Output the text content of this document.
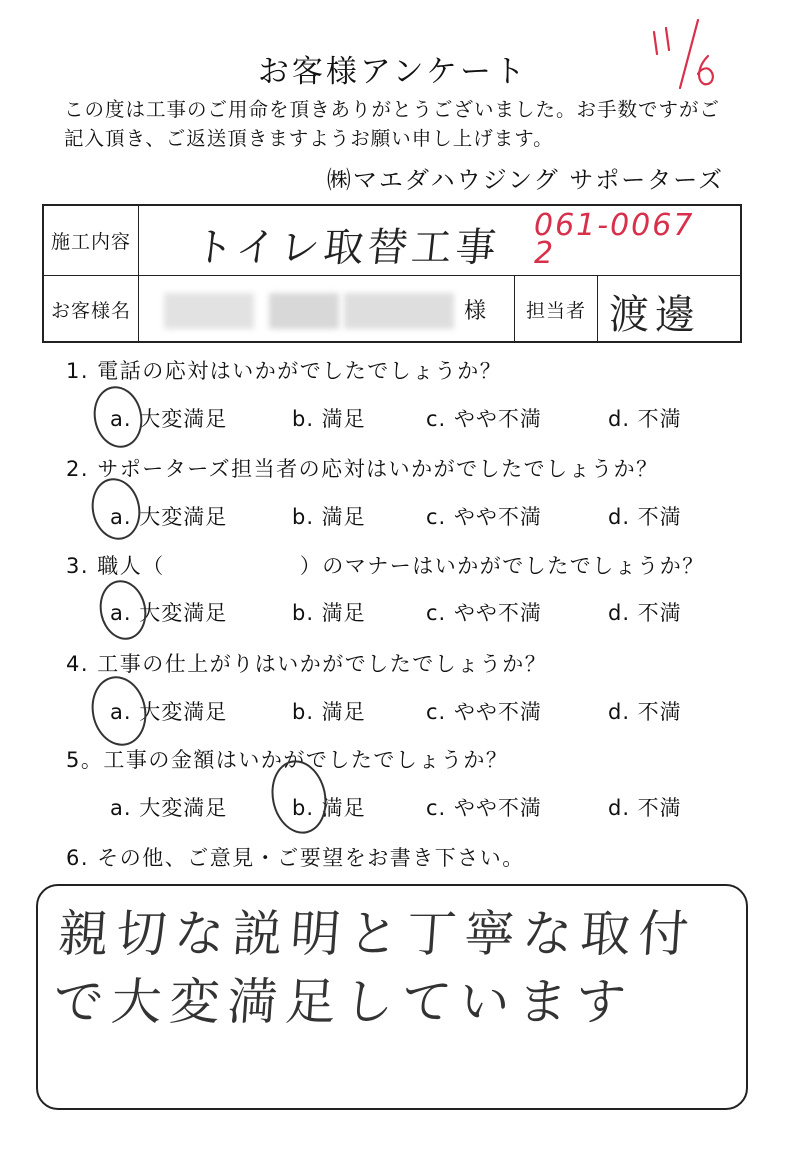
お客様アンケート
この度は工事のご用命を頂きありがとうございました。お手数ですがご記入頂き、ご返送頂きますようお願い申し上げます。
㈱マエダハウジング サポーターズ
施工内容 トイレ取替工事 061-00672
お客様名	様	担当者 渡邊
1. 電話の応対はいかがでしたでしょうか？
a. 大変満足	b. 満足	c. やや不満	d. 不満
2. サポーターズ担当者の応対はいかがでしたでしょうか？
a. 大変満足	b. 満足	c. やや不満	d. 不満
3. 職人（　　　　　　）のマナーはいかがでしたでしょうか？
a. 大変満足	b. 満足	c. やや不満	d. 不満
4. 工事の仕上がりはいかがでしたでしょうか？
a. 大変満足	b. 満足	c. やや不満	d. 不満
5。工事の金額はいかがでしたでしょうか？
a. 大変満足	b. 満足	c. やや不満	d. 不満
6. その他、ご意見・ご要望をお書き下さい。
親切な説明と丁寧な取付で大変満足しています
